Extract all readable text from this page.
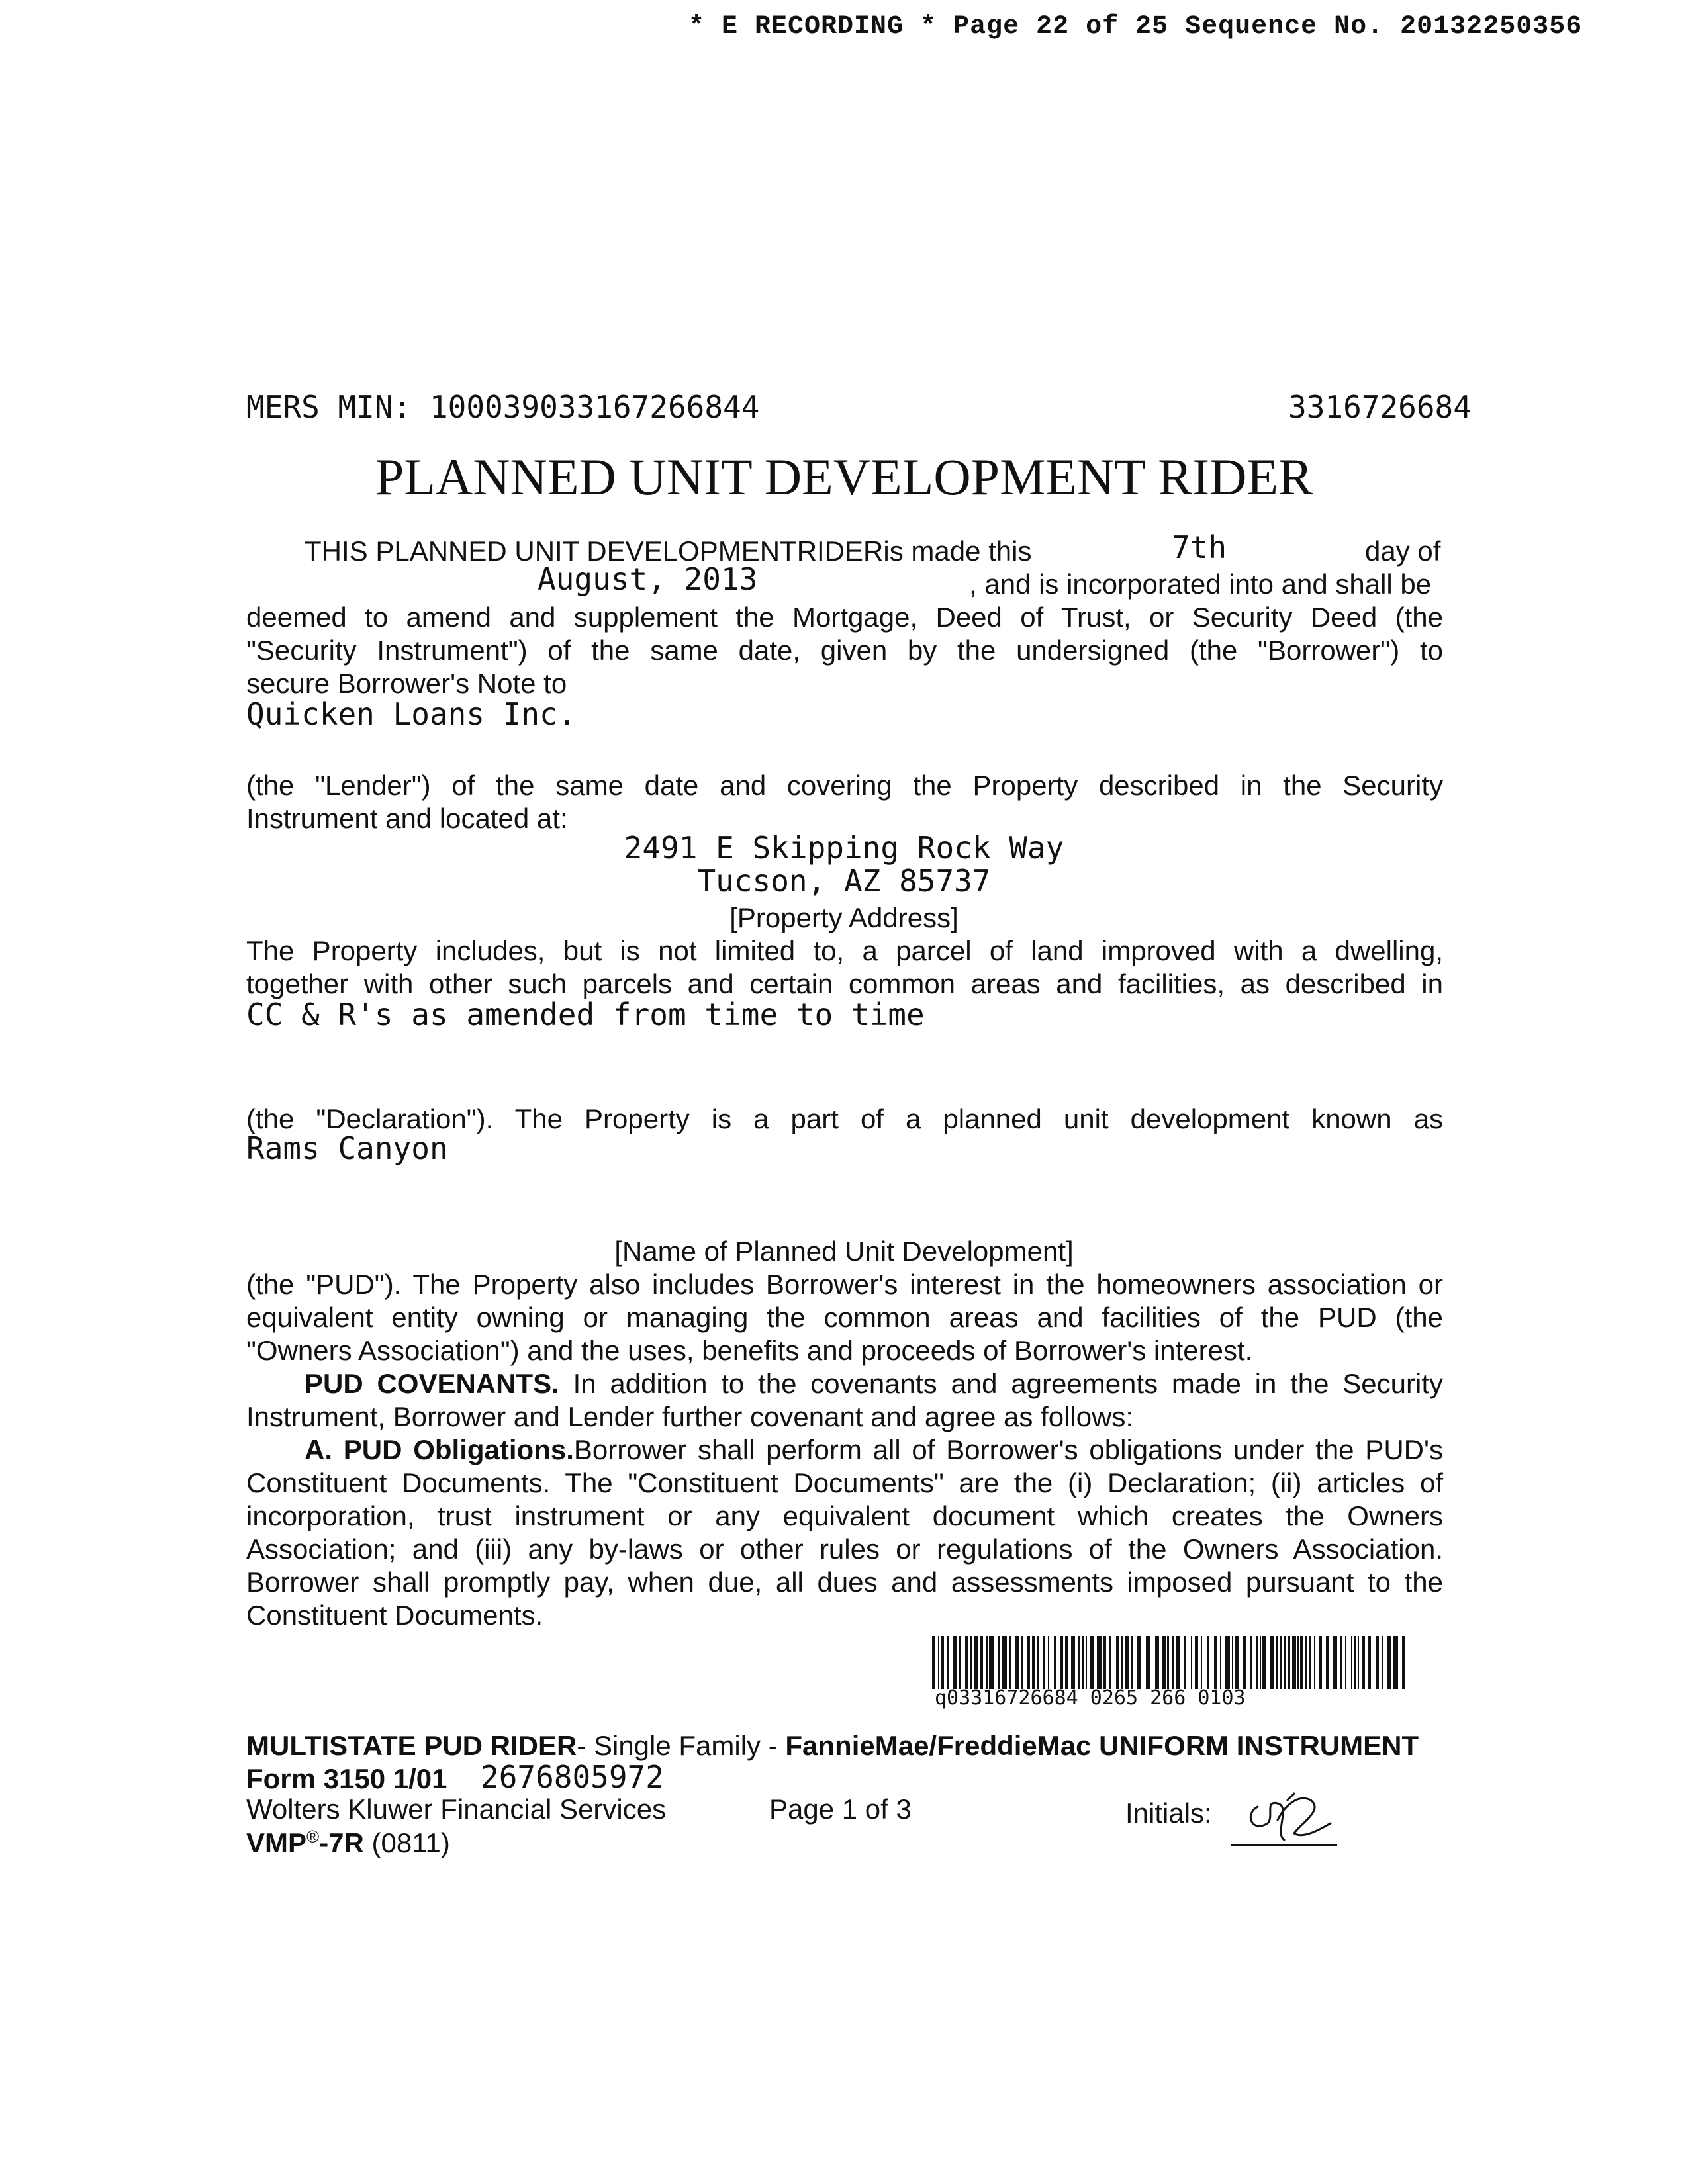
* E RECORDING * Page 22 of 25 Sequence No. 20132250356
MERS MIN: 100039033167266844	3316726684
PLANNED UNIT DEVELOPMENT RIDER
THIS PLANNED UNIT DEVELOPMENTRIDERis made this	7th	day of
August, 2013	, and is incorporated into and shall be
deemed to amend and supplement the Mortgage, Deed of Trust, or Security Deed (the
"Security Instrument") of the same date, given by the undersigned (the "Borrower") to
secure Borrower's Note to
Quicken Loans Inc.
(the "Lender") of the same date and covering the Property described in the Security
Instrument and located at:
2491 E Skipping Rock Way
Tucson, AZ 85737
[Property Address]
The Property includes, but is not limited to, a parcel of land improved with a dwelling,
together with other such parcels and certain common areas and facilities, as described in
CC & R's as amended from time to time
(the "Declaration"). The Property is a part of a planned unit development known as
Rams Canyon
[Name of Planned Unit Development]
(the "PUD"). The Property also includes Borrower's interest in the homeowners association or
equivalent entity owning or managing the common areas and facilities of the PUD (the
"Owners Association") and the uses, benefits and proceeds of Borrower's interest.
PUD COVENANTS. In addition to the covenants and agreements made in the Security
Instrument, Borrower and Lender further covenant and agree as follows:
A. PUD Obligations.Borrower shall perform all of Borrower's obligations under the PUD's
Constituent Documents. The "Constituent Documents" are the (i) Declaration; (ii) articles of
incorporation, trust instrument or any equivalent document which creates the Owners
Association; and (iii) any by-laws or other rules or regulations of the Owners Association.
Borrower shall promptly pay, when due, all dues and assessments imposed pursuant to the
Constituent Documents.
q03316726684 0265 266 0103
MULTISTATE PUD RIDER- Single Family - FannieMae/FreddieMac UNIFORM INSTRUMENT
Form 3150 1/01 2676805972
Wolters Kluwer Financial Services	Page 1 of 3	Initials:
VMP®-7R (0811)
